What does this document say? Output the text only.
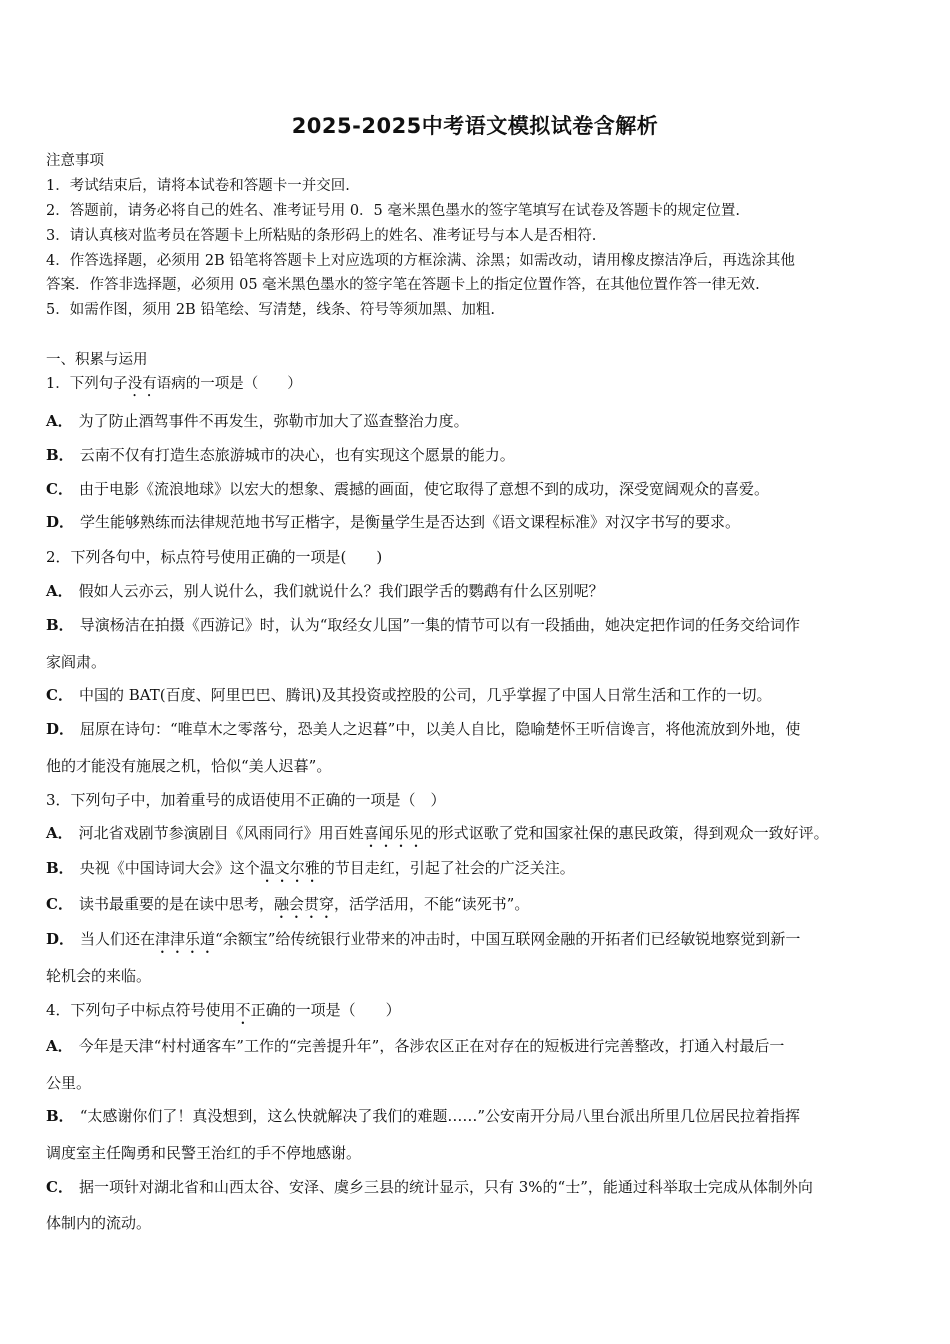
2025-2025中考语文模拟试卷含解析
注意事项
1．考试结束后，请将本试卷和答题卡一并交回.
2．答题前，请务必将自己的姓名、准考证号用 0．5 毫米黑色墨水的签字笔填写在试卷及答题卡的规定位置.
3．请认真核对监考员在答题卡上所粘贴的条形码上的姓名、准考证号与本人是否相符.
4．作答选择题，必须用 2B 铅笔将答题卡上对应选项的方框涂满、涂黑；如需改动，请用橡皮擦洁净后，再选涂其他
答案．作答非选择题，必须用 05 毫米黑色墨水的签字笔在答题卡上的指定位置作答，在其他位置作答一律无效.
5．如需作图，须用 2B 铅笔绘、写清楚，线条、符号等须加黑、加粗.
一、积累与运用
1．下列句子没有语病的一项是（　　）
A． 为了防止酒驾事件不再发生，弥勒市加大了巡查整治力度。
B． 云南不仅有打造生态旅游城市的决心，也有实现这个愿景的能力。
C． 由于电影《流浪地球》以宏大的想象、震撼的画面，使它取得了意想不到的成功，深受宽阔观众的喜爱。
D． 学生能够熟练而法律规范地书写正楷字，是衡量学生是否达到《语文课程标准》对汉字书写的要求。
2．下列各句中，标点符号使用正确的一项是(　　)
A． 假如人云亦云，别人说什么，我们就说什么？我们跟学舌的鹦鹉有什么区别呢？
B． 导演杨洁在拍摄《西游记》时，认为“取经女儿国”一集的情节可以有一段插曲，她决定把作词的任务交给词作
家阎肃。
C． 中国的 BAT(百度、阿里巴巴、腾讯)及其投资或控股的公司，几乎掌握了中国人日常生活和工作的一切。
D． 屈原在诗句：“唯草木之零落兮，恐美人之迟暮”中，以美人自比，隐喻楚怀王听信谗言，将他流放到外地，使
他的才能没有施展之机，恰似“美人迟暮”。
3．下列句子中，加着重号的成语使用不正确的一项是（　）
A． 河北省戏剧节参演剧目《风雨同行》用百姓喜闻乐见的形式讴歌了党和国家社保的惠民政策，得到观众一致好评。
B． 央视《中国诗词大会》这个温文尔雅的节目走红，引起了社会的广泛关注。
C． 读书最重要的是在读中思考，融会贯穿，活学活用，不能“读死书”。
D． 当人们还在津津乐道“余额宝”给传统银行业带来的冲击时，中国互联网金融的开拓者们已经敏锐地察觉到新一
轮机会的来临。
4．下列句子中标点符号使用不正确的一项是（　　）
A． 今年是天津“村村通客车”工作的“完善提升年”，各涉农区正在对存在的短板进行完善整改，打通入村最后一
公里。
B． “太感谢你们了！真没想到，这么快就解决了我们的难题……”公安南开分局八里台派出所里几位居民拉着指挥
调度室主任陶勇和民警王治红的手不停地感谢。
C． 据一项针对湖北省和山西太谷、安泽、虞乡三县的统计显示，只有 3%的“士”，能通过科举取士完成从体制外向
体制内的流动。
